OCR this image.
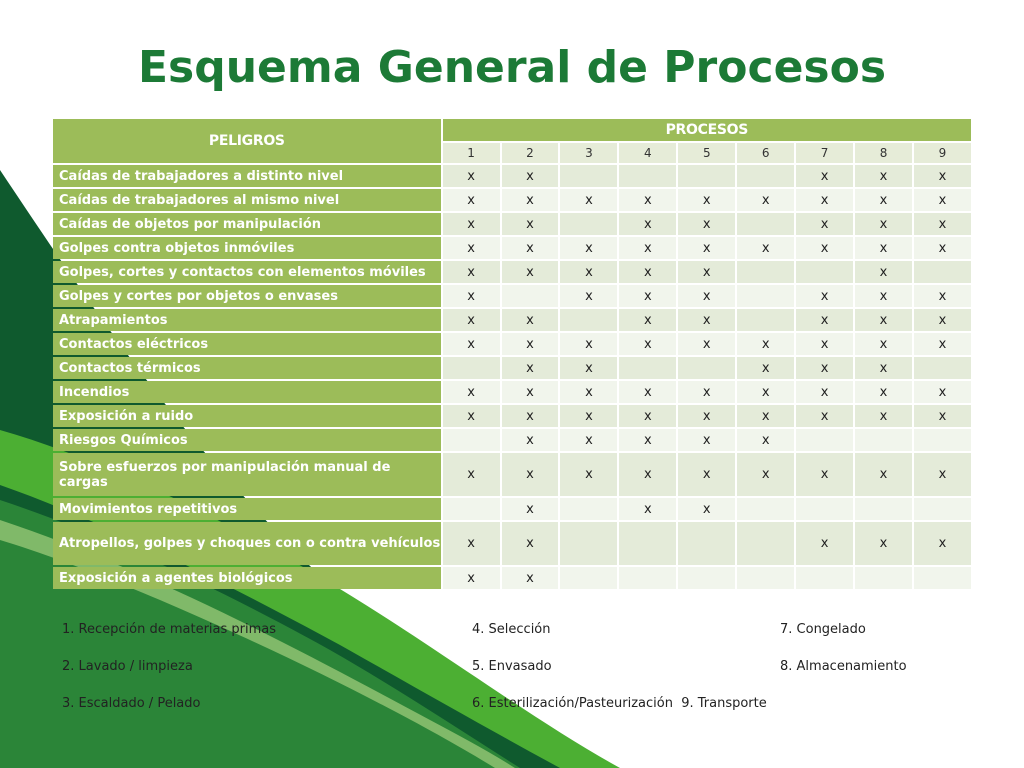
Esquema General de Procesos
PELIGROS	PROCESOS								
	1	2	3	4	5	6	7	8	9
Caídas de trabajadores a distinto nivel	x	x					x	x	x
Caídas de trabajadores al mismo nivel	x	x	x	x	x	x	x	x	x
Caídas de objetos por manipulación	x	x		x	x		x	x	x
Golpes contra objetos inmóviles	x	x	x	x	x	x	x	x	x
Golpes, cortes y contactos con elementos móviles	x	x	x	x	x			x	
Golpes y cortes por objetos o envases	x		x	x	x		x	x	x
Atrapamientos	x	x		x	x		x	x	x
Contactos eléctricos	x	x	x	x	x	x	x	x	x
Contactos térmicos		x	x			x	x	x	
Incendios	x	x	x	x	x	x	x	x	x
Exposición a ruido	x	x	x	x	x	x	x	x	x
Riesgos Químicos		x	x	x	x	x			
Sobre esfuerzos por manipulación manual de cargas	x	x	x	x	x	x	x	x	x
Movimientos repetitivos		x		x	x				
Atropellos, golpes y choques con o contra vehículos	x	x					x	x	x
Exposición a agentes biológicos	x	x							
1. Recepción de materias primas
2. Lavado / limpieza
3. Escaldado / Pelado
4. Selección
5. Envasado
6. Esterilización/Pasteurización  9. Transporte
7. Congelado
8. Almacenamiento
